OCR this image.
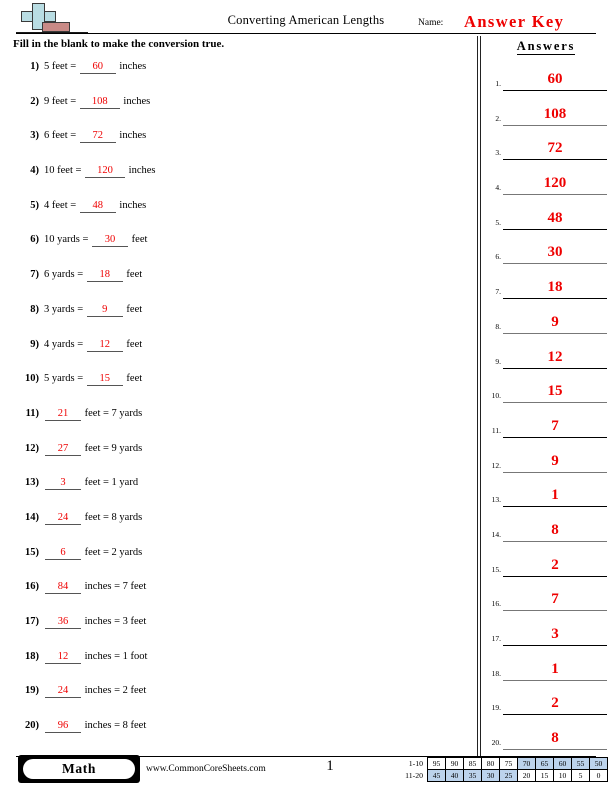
Converting American Lengths	Name: Answer Key
Fill in the blank to make the conversion true.
1) 5 feet = 60 inches
2) 9 feet = 108 inches
3) 6 feet = 72 inches
4) 10 feet = 120 inches
5) 4 feet = 48 inches
6) 10 yards = 30 feet
7) 6 yards = 18 feet
8) 3 yards = 9 feet
9) 4 yards = 12 feet
10) 5 yards = 15 feet
11)	21 feet = 7 yards
12)	27 feet = 9 yards
13)	3 feet = 1 yard
14)	24 feet = 8 yards
15)	6 feet = 2 yards
16)	84 inches = 7 feet
17)	36 inches = 3 feet
18)	12 inches = 1 foot
19)	24 inches = 2 feet
20)	96 inches = 8 feet
Answers
1.	60
2.	108
3.	72
4.	120
5.	48
6.	30
7.	18
8.	9
9.	12
10.	15
11.	7
12.	9
13.	1
14.	8
15.	2
16.	7
17.	3
18.	1
19.	2
20.	8
Math	www.CommonCoreSheets.com	1	1-10	95	90	85	80	75	70	65	60	55	50
11-20	45	40	35	30	25	20	15	10	5	0
